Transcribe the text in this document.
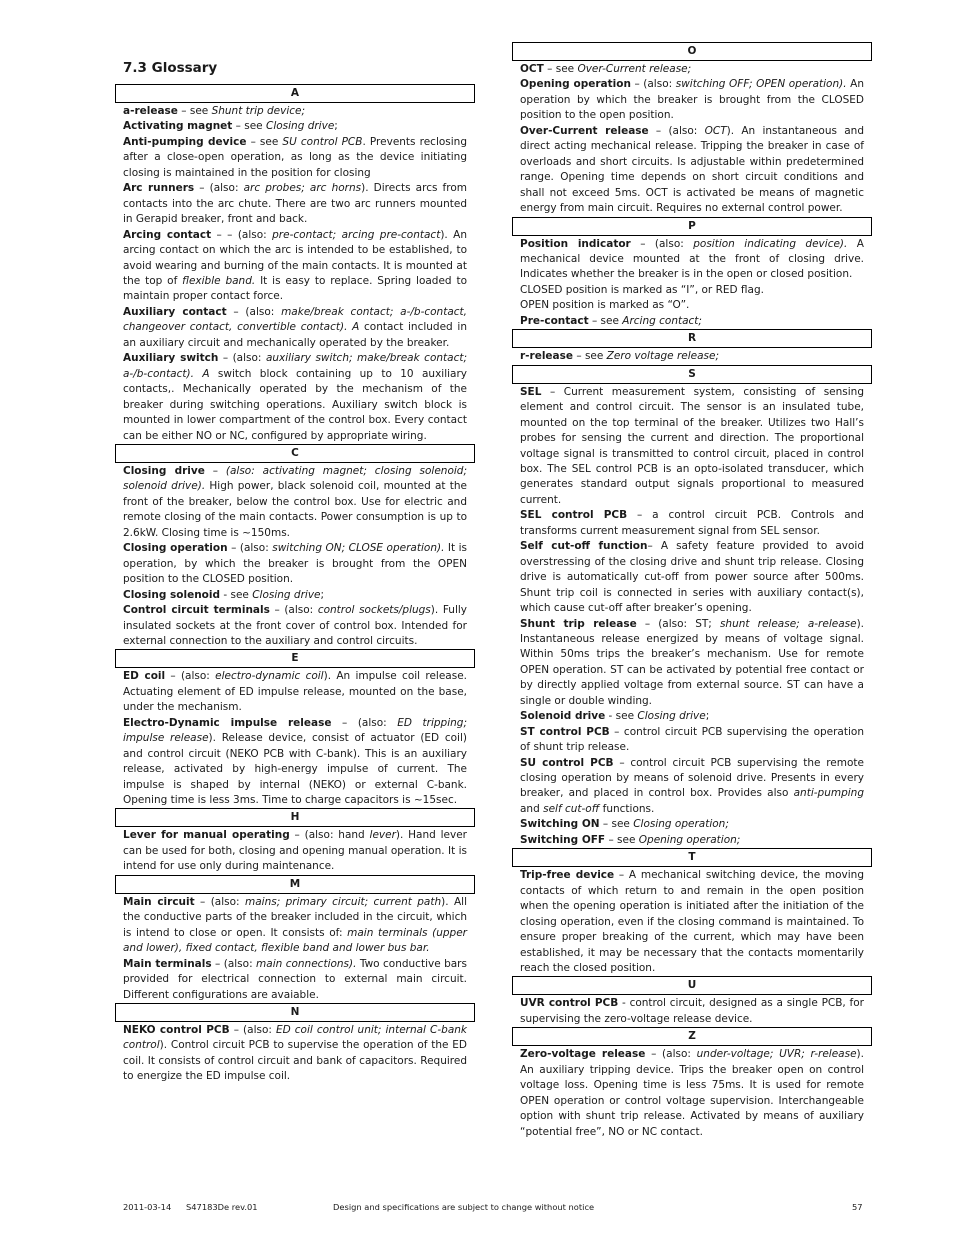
7.3 Glossary
A

a-release – see Shunt trip device;

Activating magnet – see Closing drive;

Anti-pumping device – see SU control PCB. Prevents reclosing after a close-open operation, as long as the device initiating closing is maintained in the position for closing

Arc runners – (also: arc probes; arc horns). Directs arcs from contacts into the arc chute. There are two arc runners mounted in Gerapid breaker, front and back.

Arcing contact – – (also: pre-contact; arcing pre-contact). An arcing contact on which the arc is intended to be established, to avoid wearing and burning of the main contacts. It is mounted at the top of flexible band. It is easy to replace. Spring loaded to maintain proper contact force.

Auxiliary contact – (also: make/break contact; a-/b-contact, changeover contact, convertible contact). A contact included in an auxiliary circuit and mechanically operated by the breaker.

Auxiliary switch – (also: auxiliary switch; make/break contact; a-/b-contact). A switch block containing up to 10 auxiliary contacts,. Mechanically operated by the mechanism of the breaker during switching operations. Auxiliary switch block is mounted in lower compartment of the control box. Every contact can be either NO or NC, configured by appropriate wiring.

C

Closing drive – (also: activating magnet; closing solenoid; solenoid drive). High power, black solenoid coil, mounted at the front of the breaker, below the control box. Use for electric and remote closing of the main contacts. Power consumption is up to 2.6kW. Closing time is ~150ms.

Closing operation – (also: switching ON; CLOSE operation). It is operation, by which the breaker is brought from the OPEN position to the CLOSED position.

Closing solenoid - see Closing drive;

Control circuit terminals – (also: control sockets/plugs). Fully insulated sockets at the front cover of control box. Intended for external connection to the auxiliary and control circuits.

E

ED coil – (also: electro-dynamic coil). An impulse coil release. Actuating element of ED impulse release, mounted on the base, under the mechanism.

Electro-Dynamic impulse release – (also: ED tripping; impulse release). Release device, consist of actuator (ED coil) and control circuit (NEKO PCB with C-bank). This is an auxiliary release, activated by high-energy impulse of current. The impulse is shaped by internal (NEKO) or external C-bank. Opening time is less 3ms. Time to charge capacitors is ~15sec.

H

Lever for manual operating – (also: hand lever). Hand lever can be used for both, closing and opening manual operation. It is intend for use only during maintenance.

M

Main circuit – (also: mains; primary circuit; current path). All the conductive parts of the breaker included in the circuit, which is intend to close or open. It consists of: main terminals (upper and lower), fixed contact, flexible band and lower bus bar.

Main terminals – (also: main connections). Two conductive bars provided for electrical connection to external main circuit. Different configurations are avaiable.

N

NEKO control PCB – (also: ED coil control unit; internal C-bank control). Control circuit PCB to supervise the operation of the ED coil. It consists of control circuit and bank of capacitors. Required to energize the ED impulse coil.

O

OCT – see Over-Current release;

Opening operation – (also: switching OFF; OPEN operation). An operation by which the breaker is brought from the CLOSED position to the open position.

Over-Current release – (also: OCT). An instantaneous and direct acting mechanical release. Tripping the breaker in case of overloads and short circuits. Is adjustable within predetermined range. Opening time depends on short circuit conditions and shall not exceed 5ms. OCT is activated be means of magnetic energy from main circuit. Requires no external control power.

P

Position indicator – (also: position indicating device). A mechanical device mounted at the front of closing drive. Indicates whether the breaker is in the open or closed position.

CLOSED position is marked as “I”, or RED flag.

OPEN position is marked as “O”.

Pre-contact – see Arcing contact;

R

r-release – see Zero voltage release;

S

SEL – Current measurement system, consisting of sensing element and control circuit. The sensor is an insulated tube, mounted on the top terminal of the breaker. Utilizes two Hall’s probes for sensing the current and direction. The proportional voltage signal is transmitted to control circuit, placed in control box. The SEL control PCB is an opto-isolated transducer, which generates standard output signals proportional to measured current.

SEL control PCB – a control circuit PCB. Controls and transforms current measurement signal from SEL sensor.

Self cut-off function– A safety feature provided to avoid overstressing of the closing drive and shunt trip release. Closing drive is automatically cut-off from power source after 500ms. Shunt trip coil is connected in series with auxiliary contact(s), which cause cut-off after breaker’s opening.

Shunt trip release – (also: ST; shunt release; a-release). Instantaneous release energized by means of voltage signal. Within 50ms trips the breaker’s mechanism. Use for remote OPEN operation. ST can be activated by potential free contact or by directly applied voltage from external source. ST can have a single or double winding.

Solenoid drive - see Closing drive;

ST control PCB – control circuit PCB supervising the operation of shunt trip release.

SU control PCB – control circuit PCB supervising the remote closing operation by means of solenoid drive. Presents in every breaker, and placed in control box. Provides also anti-pumping and self cut-off functions.

Switching ON – see Closing operation;

Switching OFF – see Opening operation;

T

Trip-free device – A mechanical switching device, the moving contacts of which return to and remain in the open position when the opening operation is initiated after the initiation of the closing operation, even if the closing command is maintained. To ensure proper breaking of the current, which may have been established, it may be necessary that the contacts momentarily reach the closed position.

U

UVR control PCB - control circuit, designed as a single PCB, for supervising the zero-voltage release device.

Z

Zero-voltage release – (also: under-voltage; UVR; r-release). An auxiliary tripping device. Trips the breaker open on control voltage loss. Opening time is less 75ms. It is used for remote OPEN operation or control voltage supervision. Interchangeable option with shunt trip release. Activated by means of auxiliary “potential free”, NO or NC contact.

2011-03-14 S47183De rev.01	Design and specifications are subject to change without notice	57
